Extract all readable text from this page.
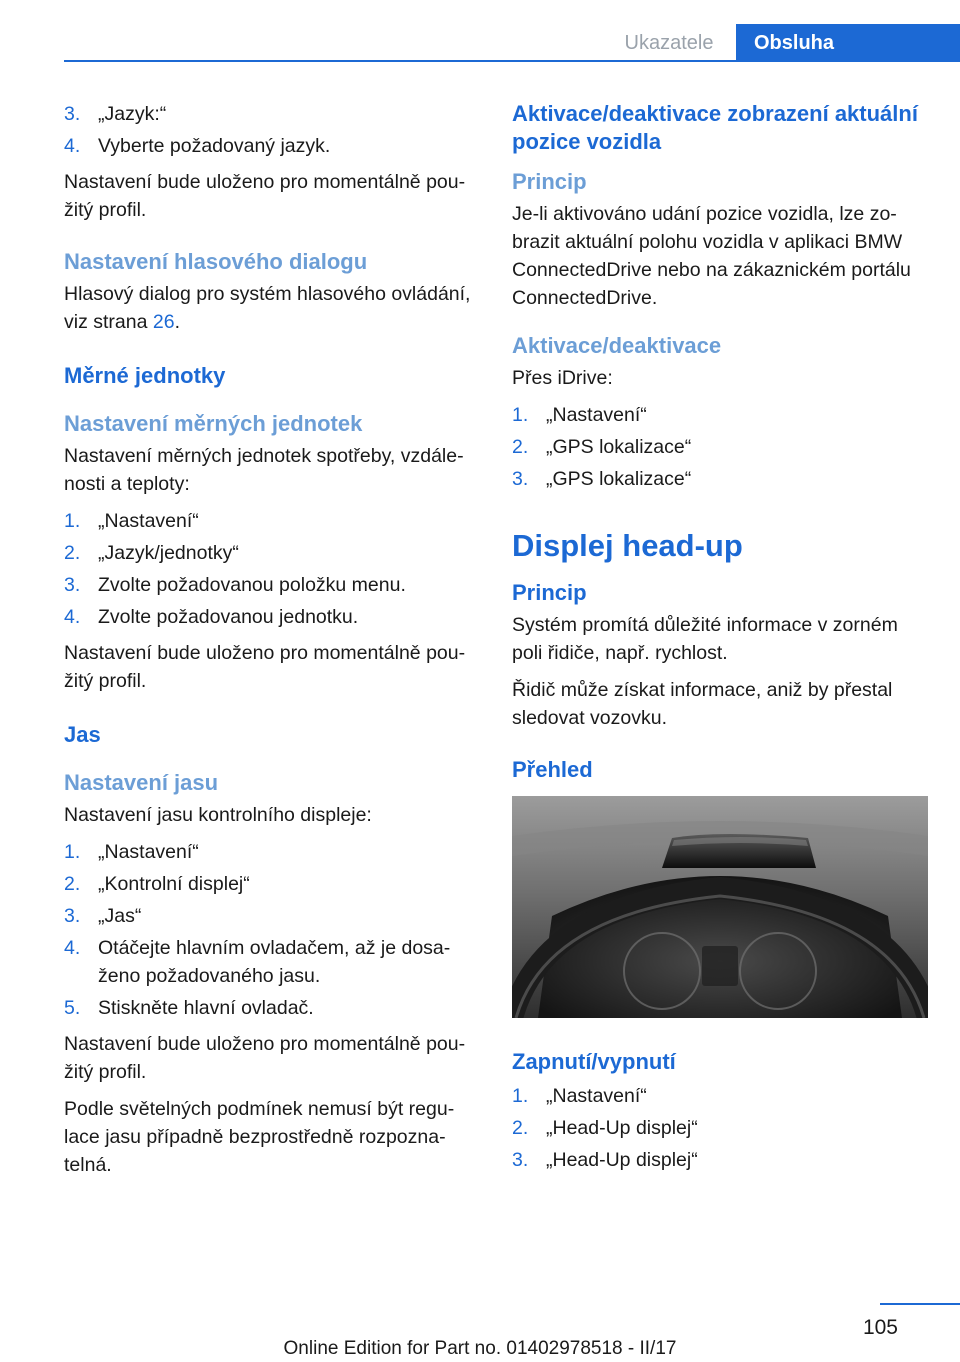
Ukazatele	Obsluha
3. „Jazyk:“
4. Vyberte požadovaný jazyk.

Nastavení bude uloženo pro momentálně pou‐žitý profil.

Nastavení hlasového dialogu

Hlasový dialog pro systém hlasového ovládání, viz strana 26.

Měrné jednotky
Nastavení měrných jednotek

Nastavení měrných jednotek spotřeby, vzdále‐nosti a teploty:

1. „Nastavení“
2. „Jazyk/jednotky“
3. Zvolte požadovanou položku menu.
4. Zvolte požadovanou jednotku.

Nastavení bude uloženo pro momentálně pou‐žitý profil.

Jas
Nastavení jasu

Nastavení jasu kontrolního displeje:

1. „Nastavení“
2. „Kontrolní displej“
3. „Jas“
4. Otáčejte hlavním ovladačem, až je dosa‐ženo požadovaného jasu.
5. Stiskněte hlavní ovladač.

Nastavení bude uloženo pro momentálně pou‐žitý profil.

Podle světelných podmínek nemusí být regu‐lace jasu případně bezprostředně rozpozna‐telná.

Aktivace/deaktivace zobrazení aktuální pozice vozidla
Princip

Je-li aktivováno udání pozice vozidla, lze zo‐brazit aktuální polohu vozidla v aplikaci BMW ConnectedDrive nebo na zákaznickém portálu ConnectedDrive.

Aktivace/deaktivace

Přes iDrive:

1. „Nastavení“
2. „GPS lokalizace“
3. „GPS lokalizace“
Displej head-up
Princip

Systém promítá důležité informace v zorném poli řidiče, např. rychlost.

Řidič může získat informace, aniž by přestal sledovat vozovku.

Přehled
Zapnutí/vypnutí
1. „Nastavení“
2. „Head-Up displej“
3. „Head-Up displej“
105
Online Edition for Part no. 01402978518 - II/17
